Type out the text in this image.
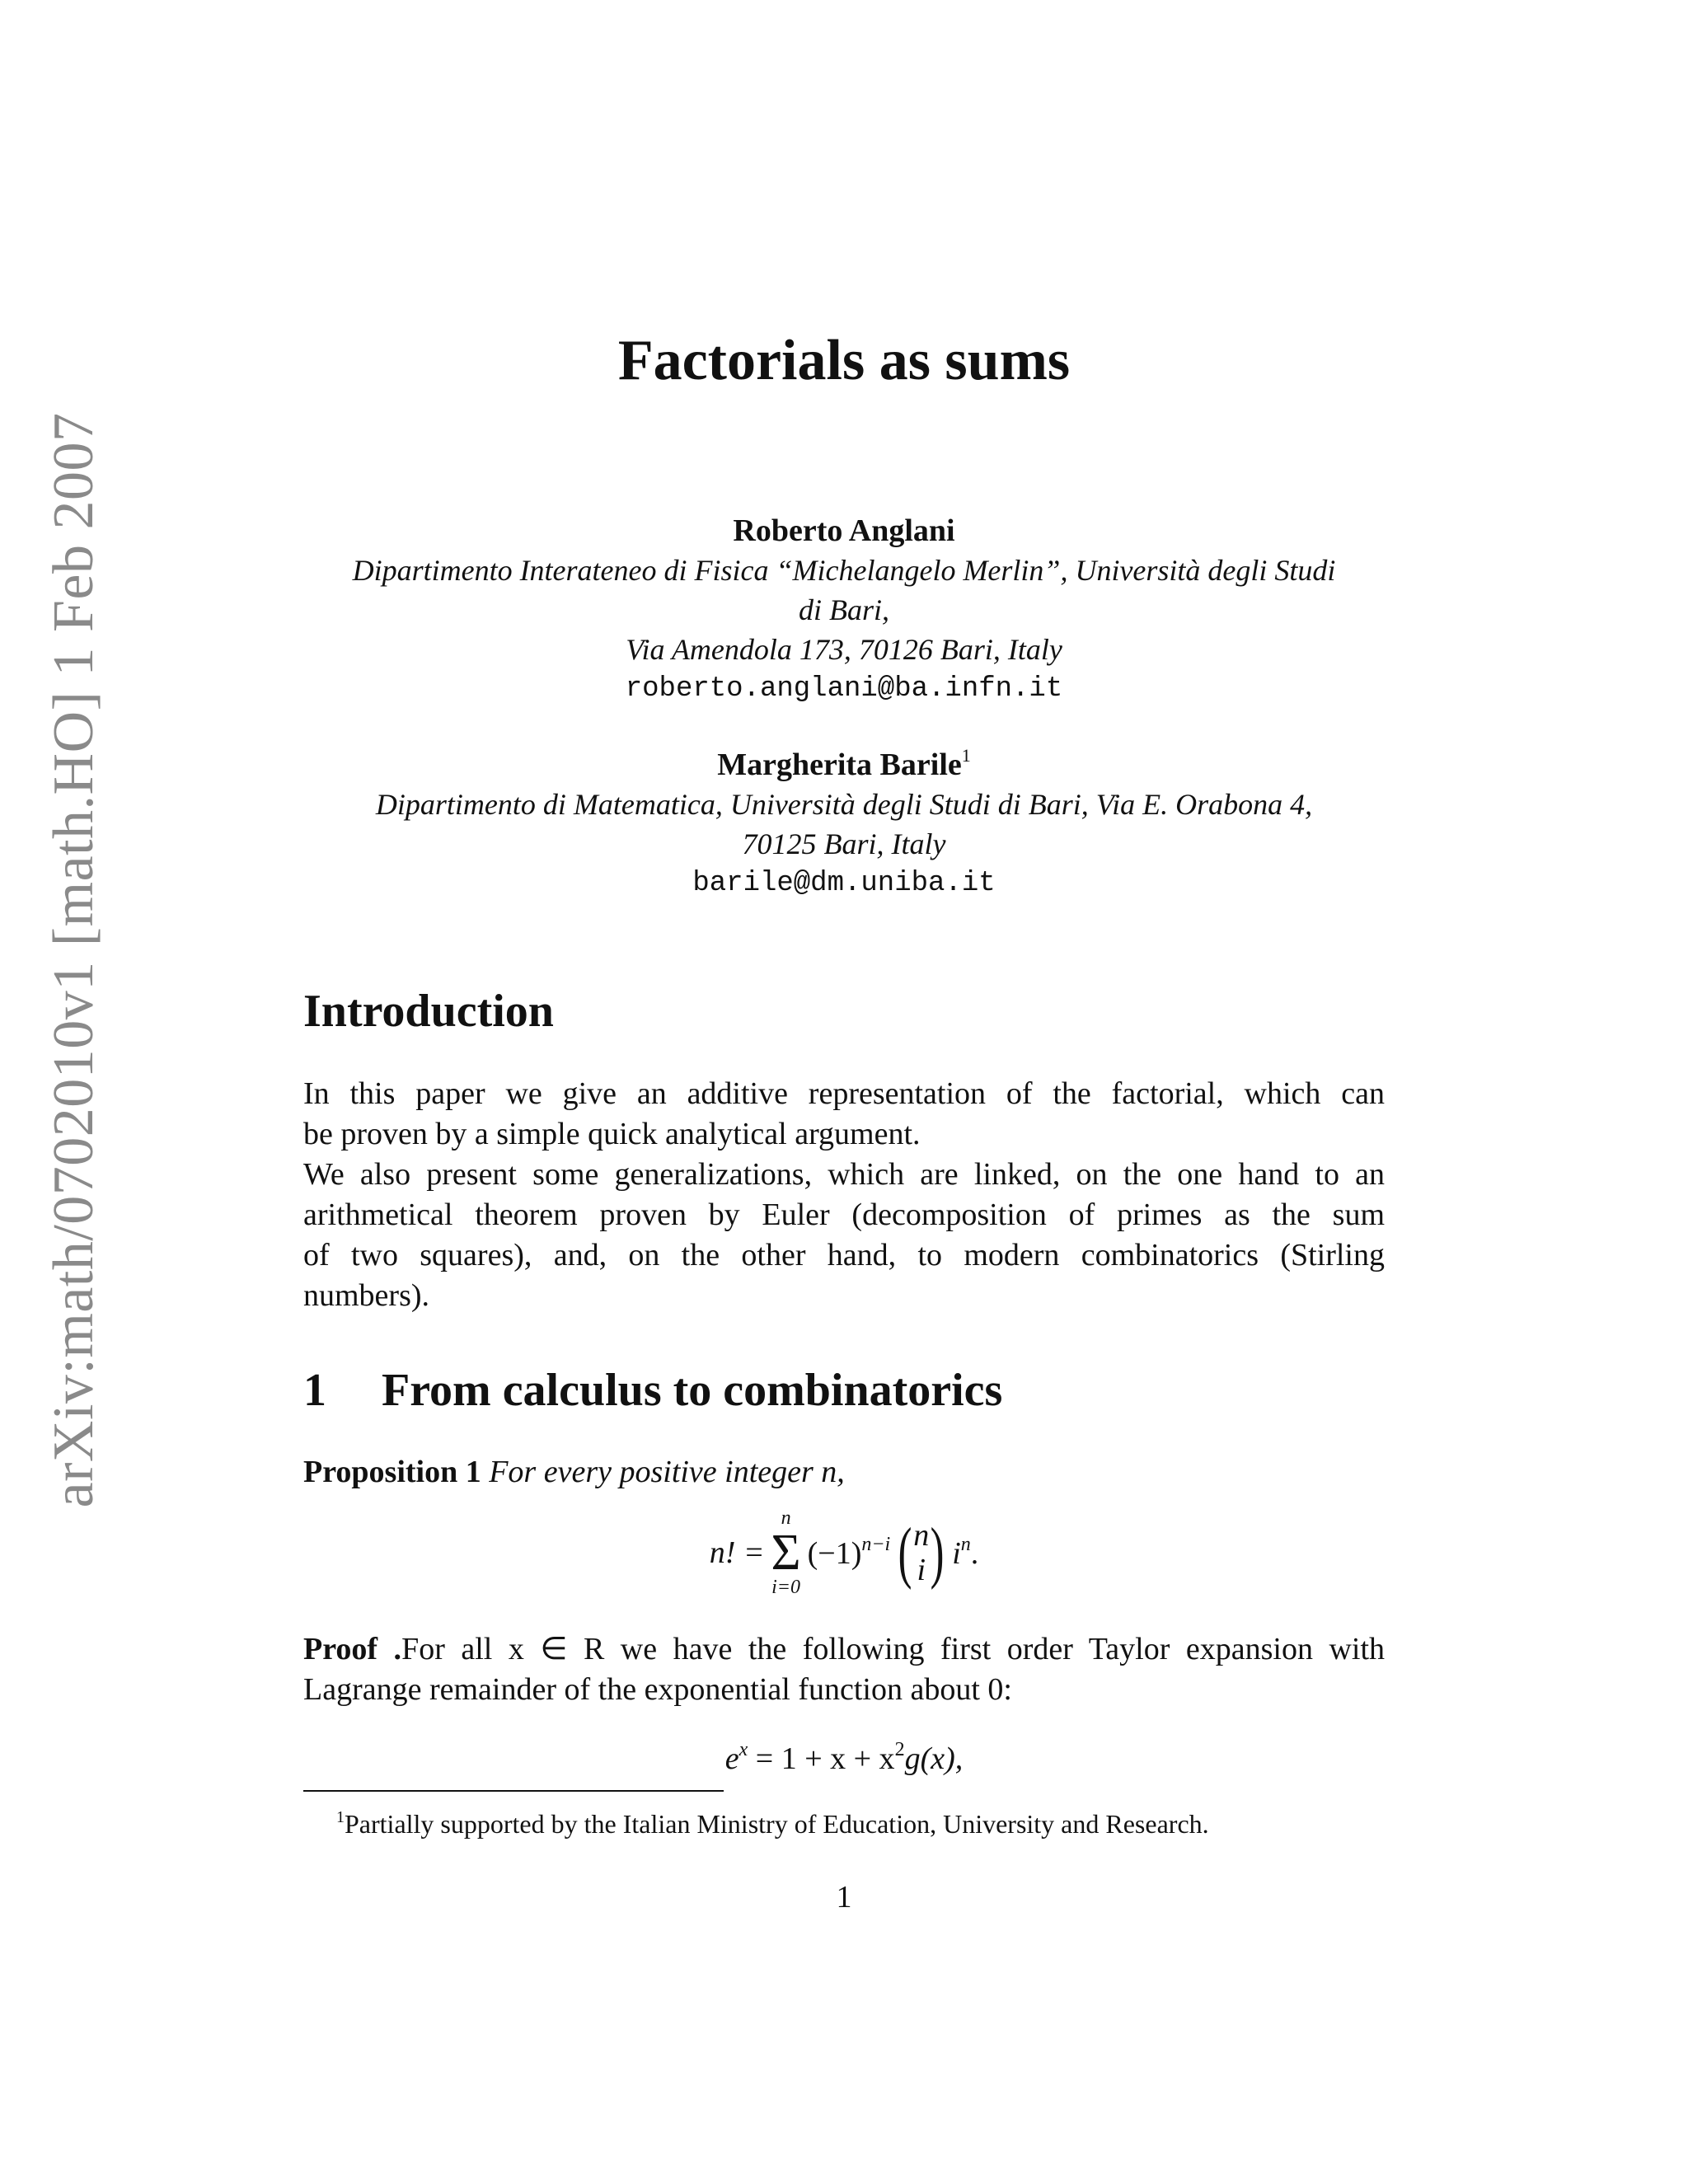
arXiv:math/0702010v1 [math.HO] 1 Feb 2007
Factorials as sums
Roberto Anglani
Dipartimento Interateneo di Fisica “Michelangelo Merlin”, Università degli Studi
di Bari,
Via Amendola 173, 70126 Bari, Italy
roberto.anglani@ba.infn.it
Margherita Barile$^1$
Dipartimento di Matematica, Università degli Studi di Bari, Via E. Orabona 4,
70125 Bari, Italy
barile@dm.uniba.it
Introduction
In this paper we give an additive representation of the factorial, which can
be proven by a simple quick analytical argument.
We also present some generalizations, which are linked, on the one hand to an
arithmetical theorem proven by Euler (decomposition of primes as the sum
of two squares), and, on the other hand, to modern combinatorics (Stirling
numbers).
1 From calculus to combinatorics
Proposition 1 For every positive integer n,
n! =
n
Σ
i=0
$(-1)^{n-i}$ ( n
i ) $i^n$.
Proof .For all x ∈ R we have the following first order Taylor expansion with
Lagrange remainder of the exponential function about 0:
$e^x = 1 + x + x^2g(x)$,
$^1$Partially supported by the Italian Ministry of Education, University and Research.
1
